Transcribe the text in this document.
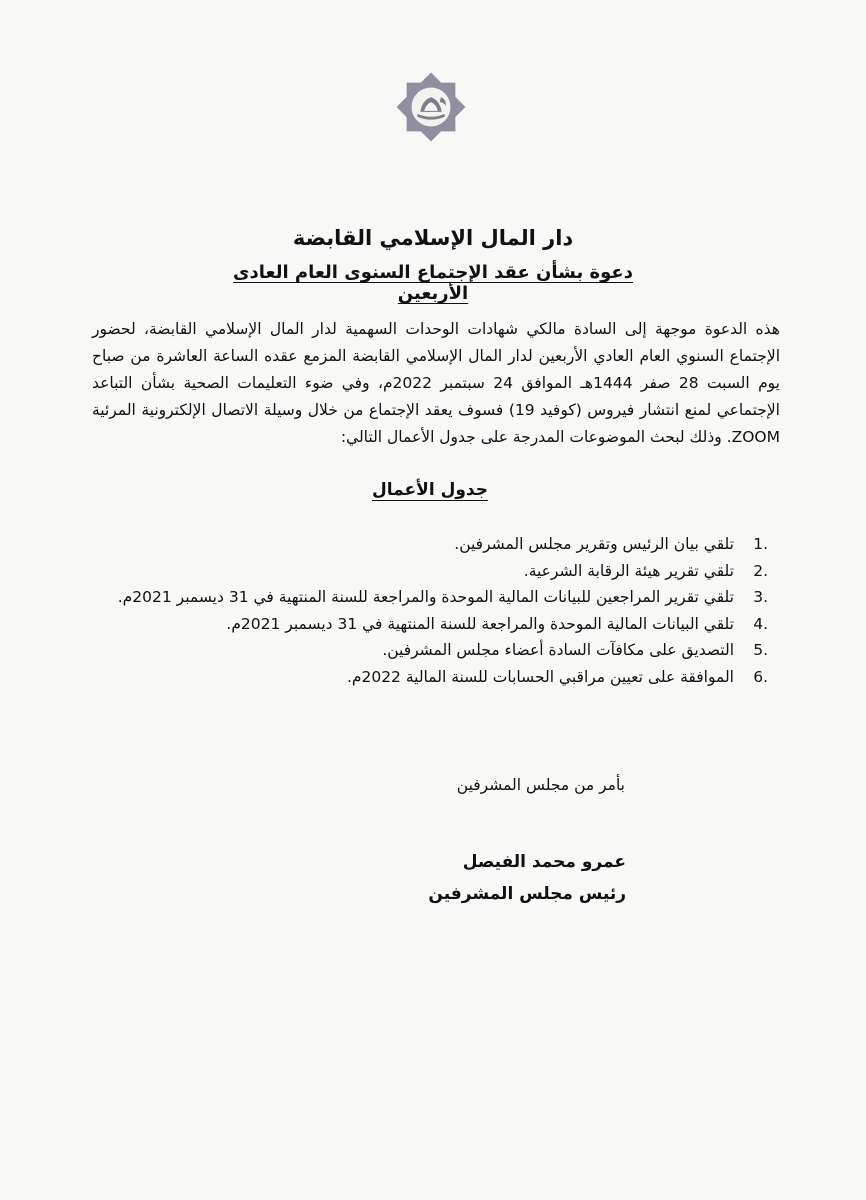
دار المال الإسلامي القابضة
دعوة بشأن عقد الإجتماع السنوى العام العادى الأربعين
هذه الدعوة موجهة إلى السادة مالكي شهادات الوحدات السهمية لدار المال الإسلامي القابضة، لحضور الإجتماع السنوي العام العادي الأربعين لدار المال الإسلامي القابضة المزمع عقده الساعة العاشرة من صباح يوم السبت 28 صفر 1444هـ الموافق 24 سبتمبر 2022م، وفي ضوء التعليمات الصحية بشأن التباعد الإجتماعي لمنع انتشار فيروس (كوفيد 19) فسوف يعقد الإجتماع من خلال وسيلة الاتصال الإلكترونية المرئية ZOOM. وذلك لبحث الموضوعات المدرجة على جدول الأعمال التالي:
جدول الأعمال
1.
تلقي بيان الرئيس وتقرير مجلس المشرفين.
2.
تلقي تقرير هيئة الرقابة الشرعية.
3.
تلقي تقرير المراجعين للبيانات المالية الموحدة والمراجعة للسنة المنتهية في 31 ديسمبر 2021م.
4.
تلقي البيانات المالية الموحدة والمراجعة للسنة المنتهية في 31 ديسمبر 2021م.
5.
التصديق على مكافآت السادة أعضاء مجلس المشرفين.
6.
الموافقة على تعيين مراقبي الحسابات للسنة المالية 2022م.
بأمر من مجلس المشرفين
عمرو محمد الفيصل
رئيس مجلس المشرفين
